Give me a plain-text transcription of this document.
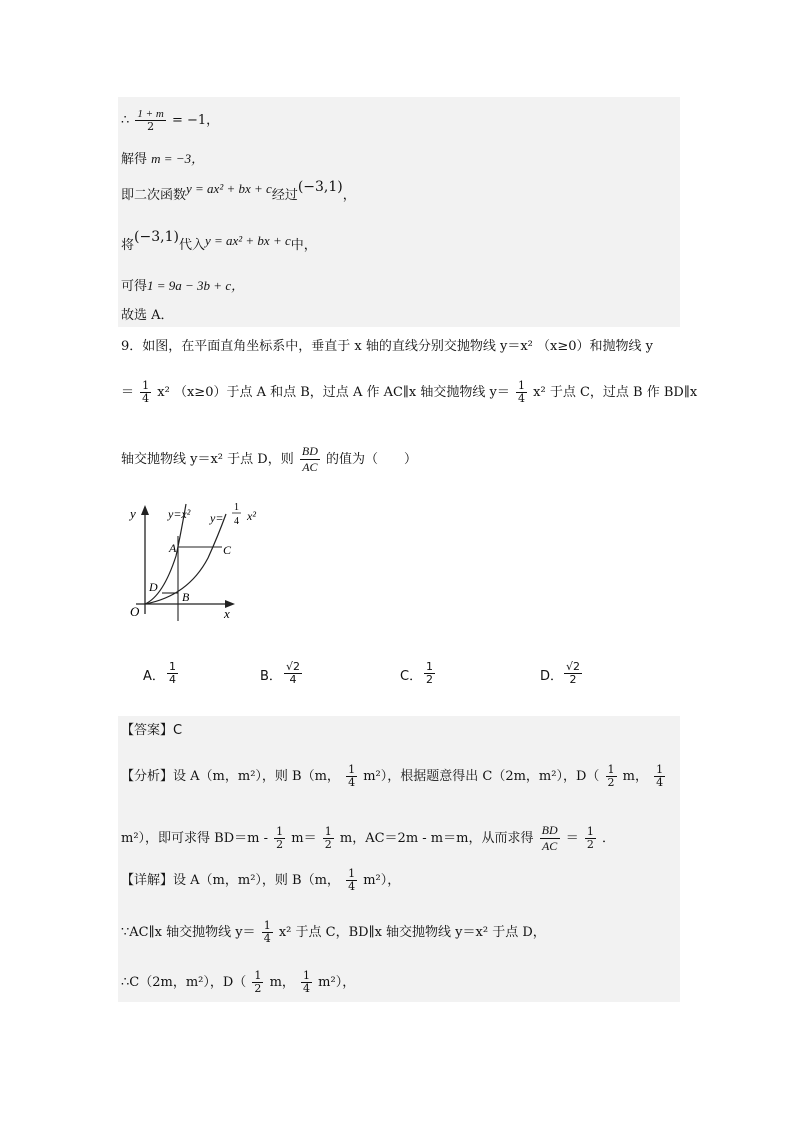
∴ $\frac{1 + m}{2} = -1$，
解得 m = −3，
即二次函数y = ax² + bx + c经过(−3,1)，
将(−3,1)代入y = ax² + bx + c中，
可得1 = 9a − 3b + c，
故选 A．
9．如图，在平面直角坐标系中，垂直于 x 轴的直线分别交抛物线 y＝x² （x≥0）和抛物线 y
＝ $\frac{1}{4} x^2$ （x≥0）于点 A 和点 B，过点 A 作 AC∥x 轴交抛物线 $y= \frac{1}{4} x^2$ 于点 C，过点 B 作 BD∥x
轴交抛物线 y＝x² 于点 D，则 $\frac{BD}{AC}$ 的值为（　　）
y
x
O
y=x² y=
1
4 x²
A	C
D
B
A． $\frac{1}{4}$	B． $\frac{√2}{4}$	C． $\frac{1}{2}$	D． $\frac{√2}{2}$
【答案】C
【分析】设 A（m，m²），则 B（m， $\frac{1}{4} m^2$），根据题意得出 C（2m，m²），$D( \frac{1}{2}$ m， $\frac{1}{4}$
m²），即可求得 $BD=m - \frac{1}{2} m= \frac{1}{2}$ m，AC＝2m - m＝m，从而求得 $\frac{BD}{AC} = \frac{1}{2}$ ．
【详解】设 A（m，m²），则 B（m， $\frac{1}{4} m^2$），
∵AC∥x 轴交抛物线 $y= \frac{1}{4} x^2$ 于点 C，BD∥x 轴交抛物线 y＝x² 于点 D，
∴C（2m，m²），$D( \frac{1}{2}$ m， $\frac{1}{4} m^2$），
